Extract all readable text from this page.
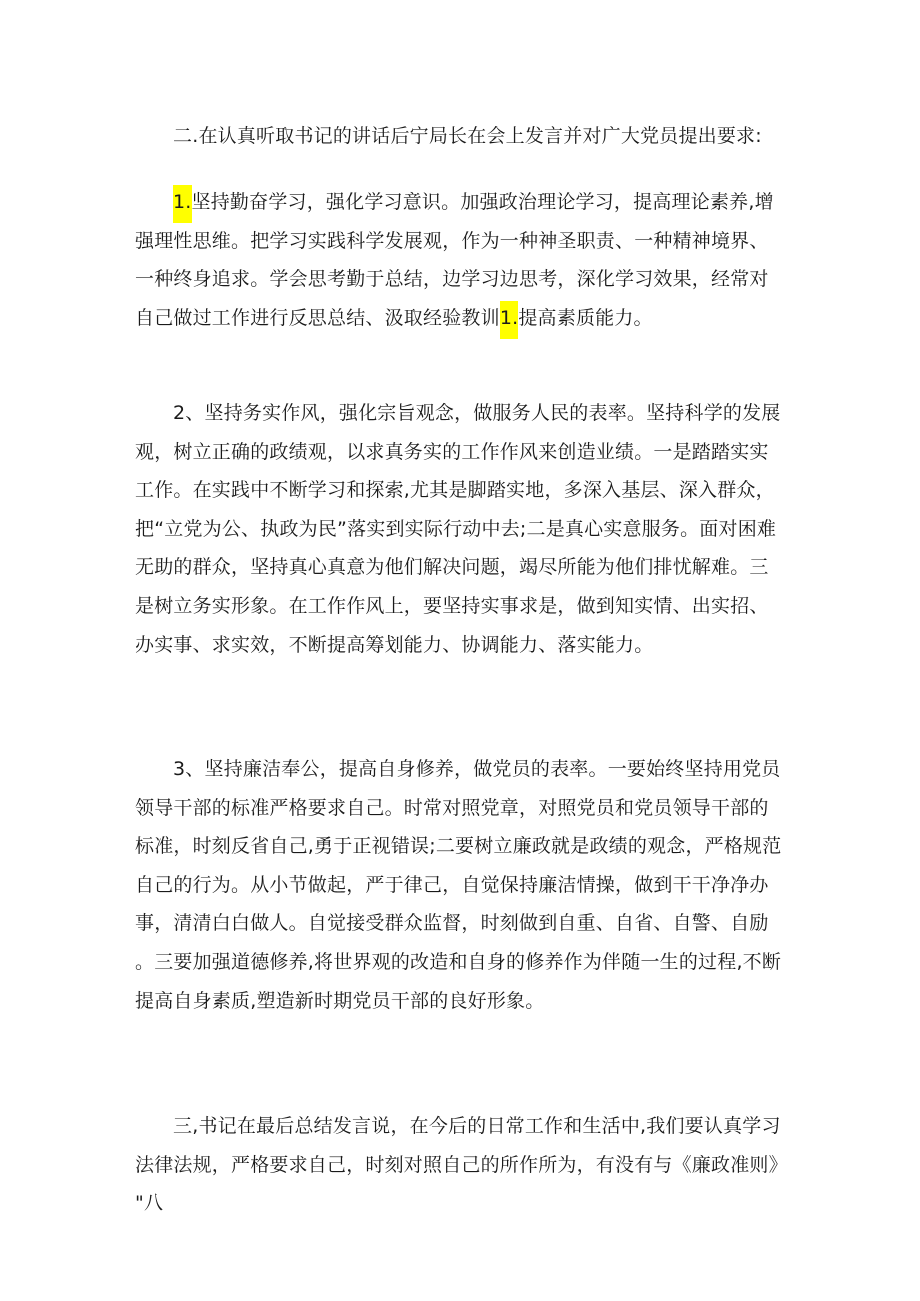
二.在认真听取书记的讲话后宁局长在会上发言并对广大党员提出要求:

1.坚持勤奋学习，强化学习意识。加强政治理论学习，提高理论素养,增强理性思维。把学习实践科学发展观，作为一种神圣职责、一种精神境界、一种终身追求。学会思考勤于总结，边学习边思考，深化学习效果，经常对自己做过工作进行反思总结、汲取经验教训1.提高素质能力。

2、坚持务实作风，强化宗旨观念，做服务人民的表率。坚持科学的发展观，树立正确的政绩观，以求真务实的工作作风来创造业绩。一是踏踏实实工作。在实践中不断学习和探索,尤其是脚踏实地，多深入基层、深入群众，把“立党为公、执政为民”落实到实际行动中去;二是真心实意服务。面对困难无助的群众，坚持真心真意为他们解决问题，竭尽所能为他们排忧解难。三是树立务实形象。在工作作风上，要坚持实事求是，做到知实情、出实招、办实事、求实效，不断提高筹划能力、协调能力、落实能力。

3、坚持廉洁奉公，提高自身修养，做党员的表率。一要始终坚持用党员领导干部的标准严格要求自己。时常对照党章，对照党员和党员领导干部的标准，时刻反省自己,勇于正视错误;二要树立廉政就是政绩的观念，严格规范自己的行为。从小节做起，严于律己，自觉保持廉洁情操，做到干干净净办事，清清白白做人。自觉接受群众监督，时刻做到自重、自省、自警、自励。三要加强道德修养,将世界观的改造和自身的修养作为伴随一生的过程,不断提高自身素质,塑造新时期党员干部的良好形象。

三,书记在最后总结发言说，在今后的日常工作和生活中,我们要认真学习法律法规，严格要求自己，时刻对照自己的所作所为，有没有与《廉政准则》"八
